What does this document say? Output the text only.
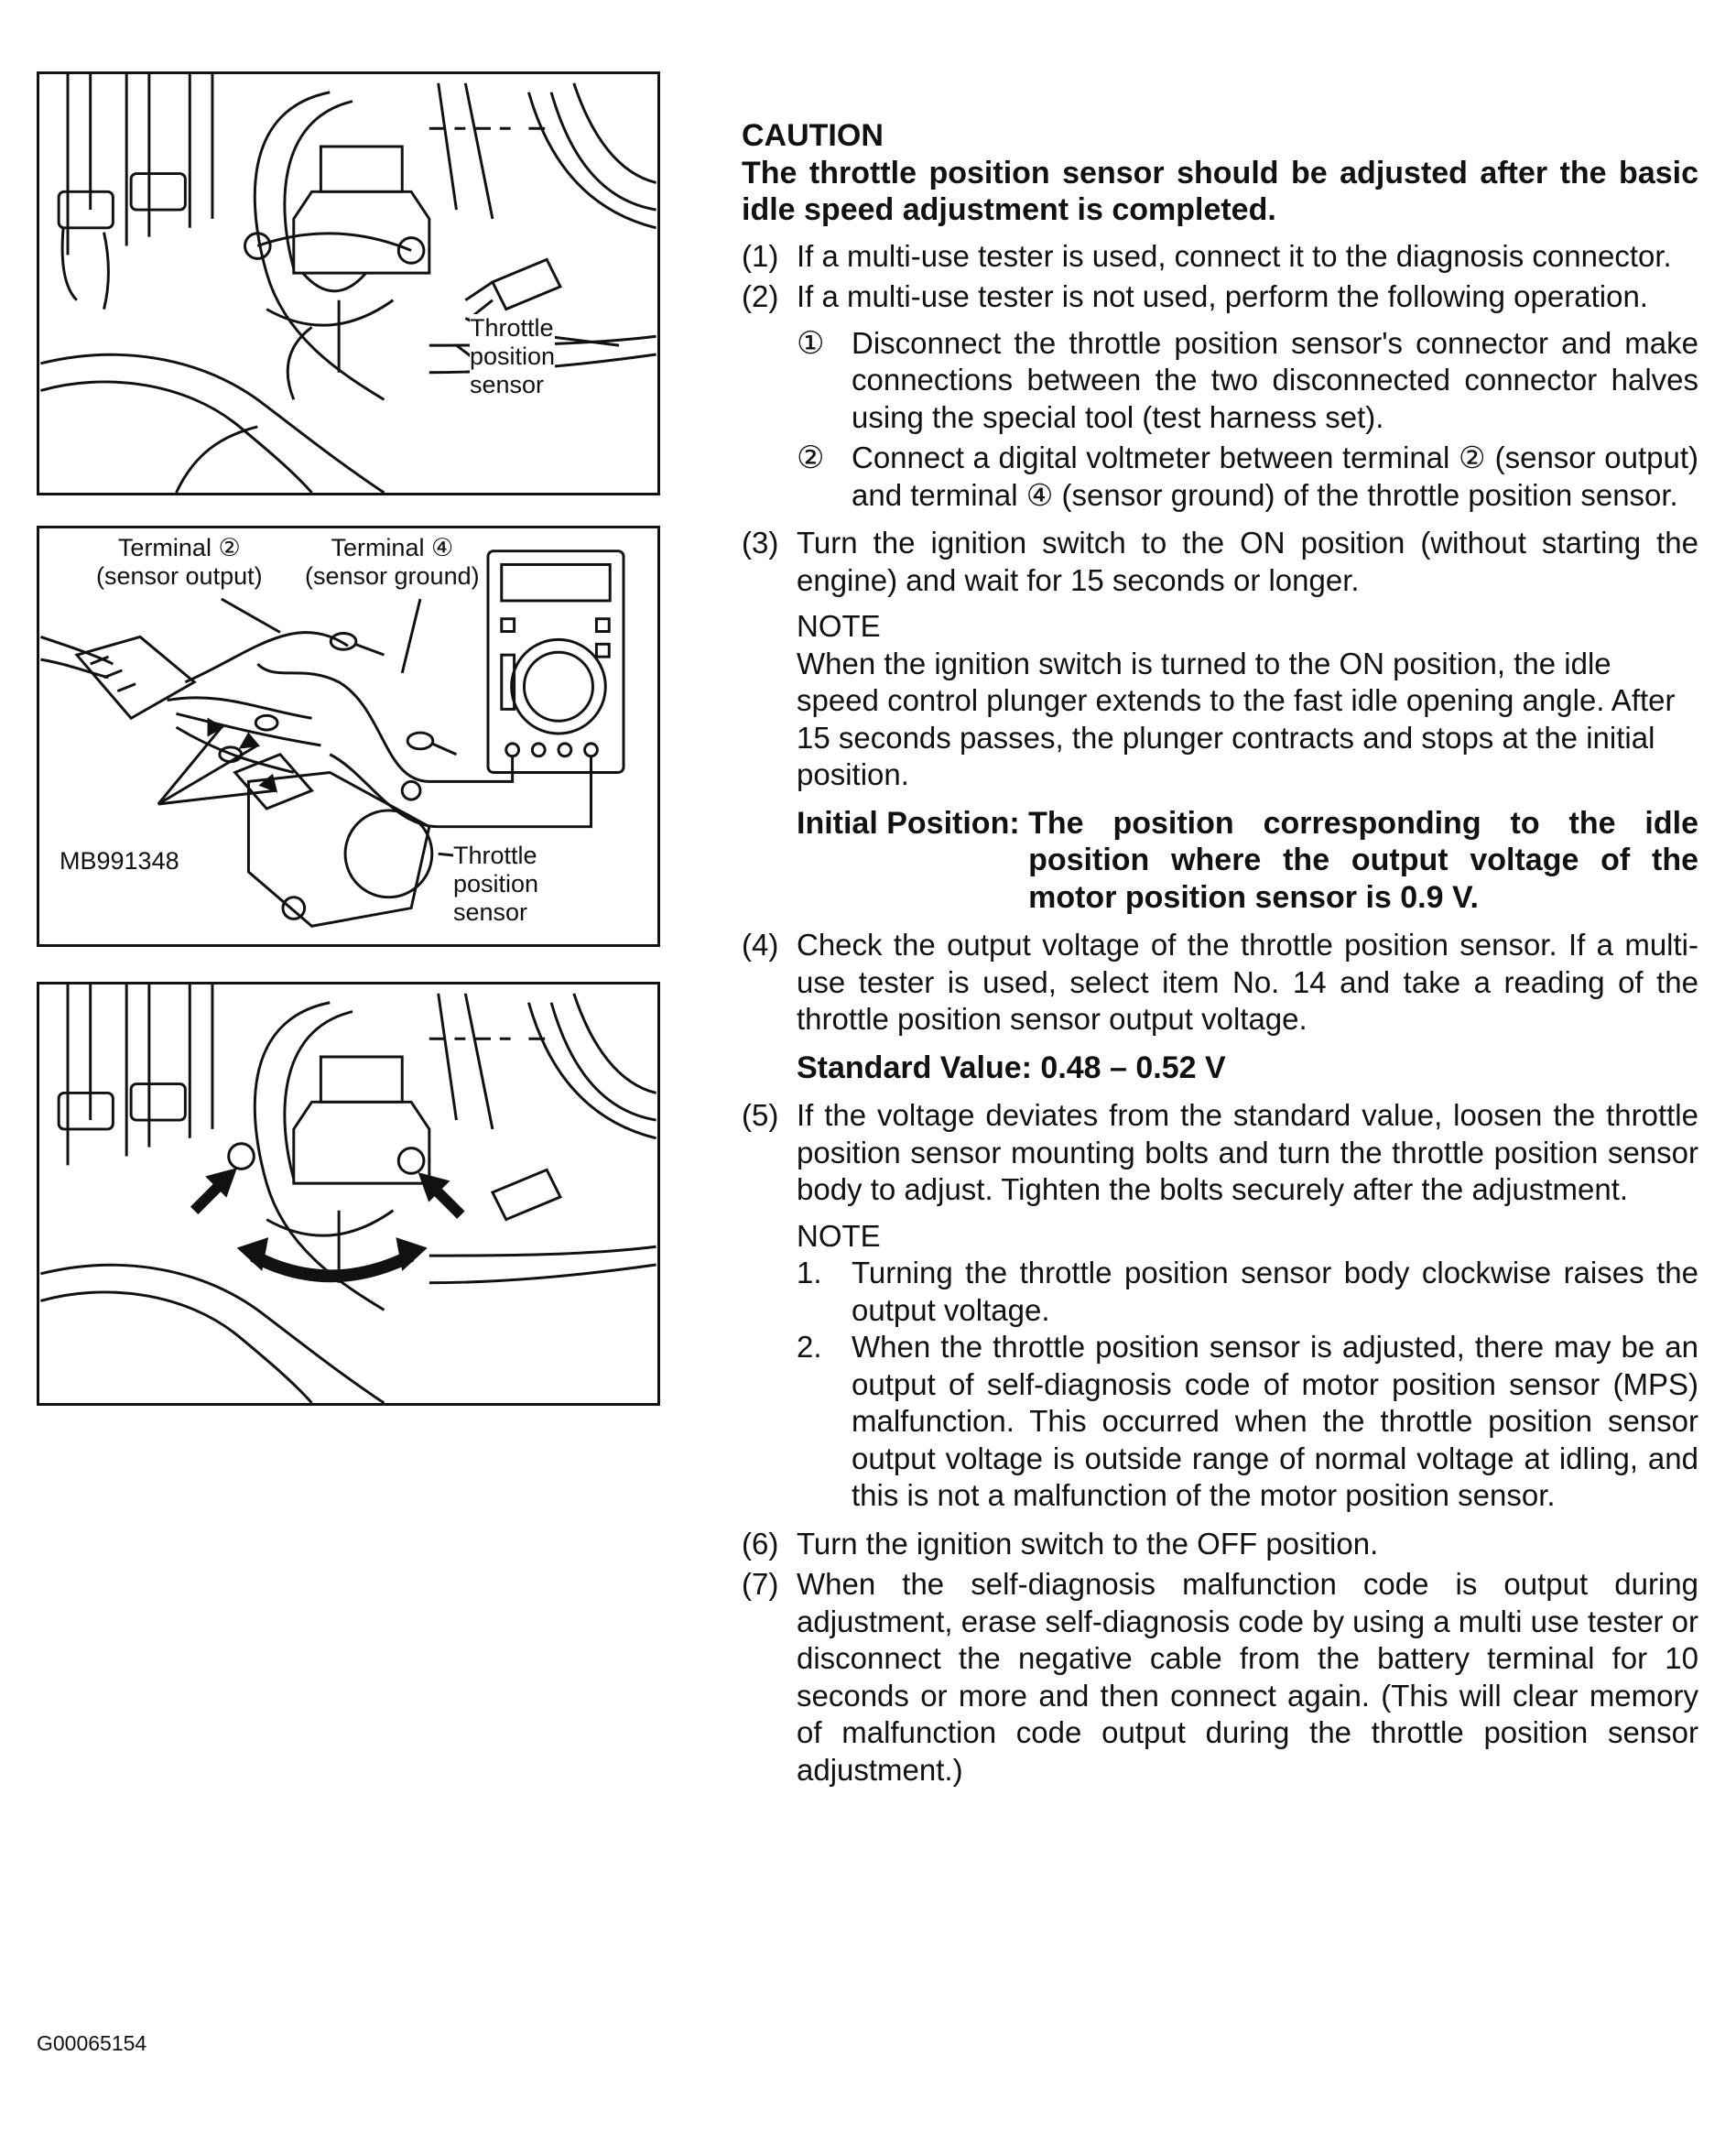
Throttle
position
sensor
Terminal ②
(sensor output)
Terminal ④
(sensor ground)
MB991348	Throttle
position
sensor
G00065154

CAUTION

The throttle position sensor should be adjusted after the basic idle speed adjustment is completed.

(1) If a multi-use tester is used, connect it to the diagnosis connector.
(2) If a multi-use tester is not used, perform the following operation.
① Disconnect the throttle position sensor's connector and make connections between the two disconnected connector halves using the special tool (test harness set).
② Connect a digital voltmeter between terminal ② (sensor output) and terminal ④ (sensor ground) of the throttle position sensor.
(3) Turn the ignition switch to the ON position (without starting the engine) and wait for 15 seconds or longer.
NOTE
When the ignition switch is turned to the ON position, the idle speed control plunger extends to the fast idle opening angle. After 15 seconds passes, the plunger contracts and stops at the initial position.
Initial Position: The position corresponding to the idle position where the output voltage of the motor position sensor is 0.9 V.
(4) Check the output voltage of the throttle position sensor. If a multi-use tester is used, select item No. 14 and take a reading of the throttle position sensor output voltage.
Standard Value: 0.48 – 0.52 V
(5) If the voltage deviates from the standard value, loosen the throttle position sensor mounting bolts and turn the throttle position sensor body to adjust. Tighten the bolts securely after the adjustment.
NOTE
1. Turning the throttle position sensor body clockwise raises the output voltage.
2. When the throttle position sensor is adjusted, there may be an output of self-diagnosis code of motor position sensor (MPS) malfunction. This occurred when the throttle position sensor output voltage is outside range of normal voltage at idling, and this is not a malfunction of the motor position sensor.
(6) Turn the ignition switch to the OFF position.
(7) When the self-diagnosis malfunction code is output during adjustment, erase self-diagnosis code by using a multi use tester or disconnect the negative cable from the battery terminal for 10 seconds or more and then connect again. (This will clear memory of malfunction code output during the throttle position sensor adjustment.)
